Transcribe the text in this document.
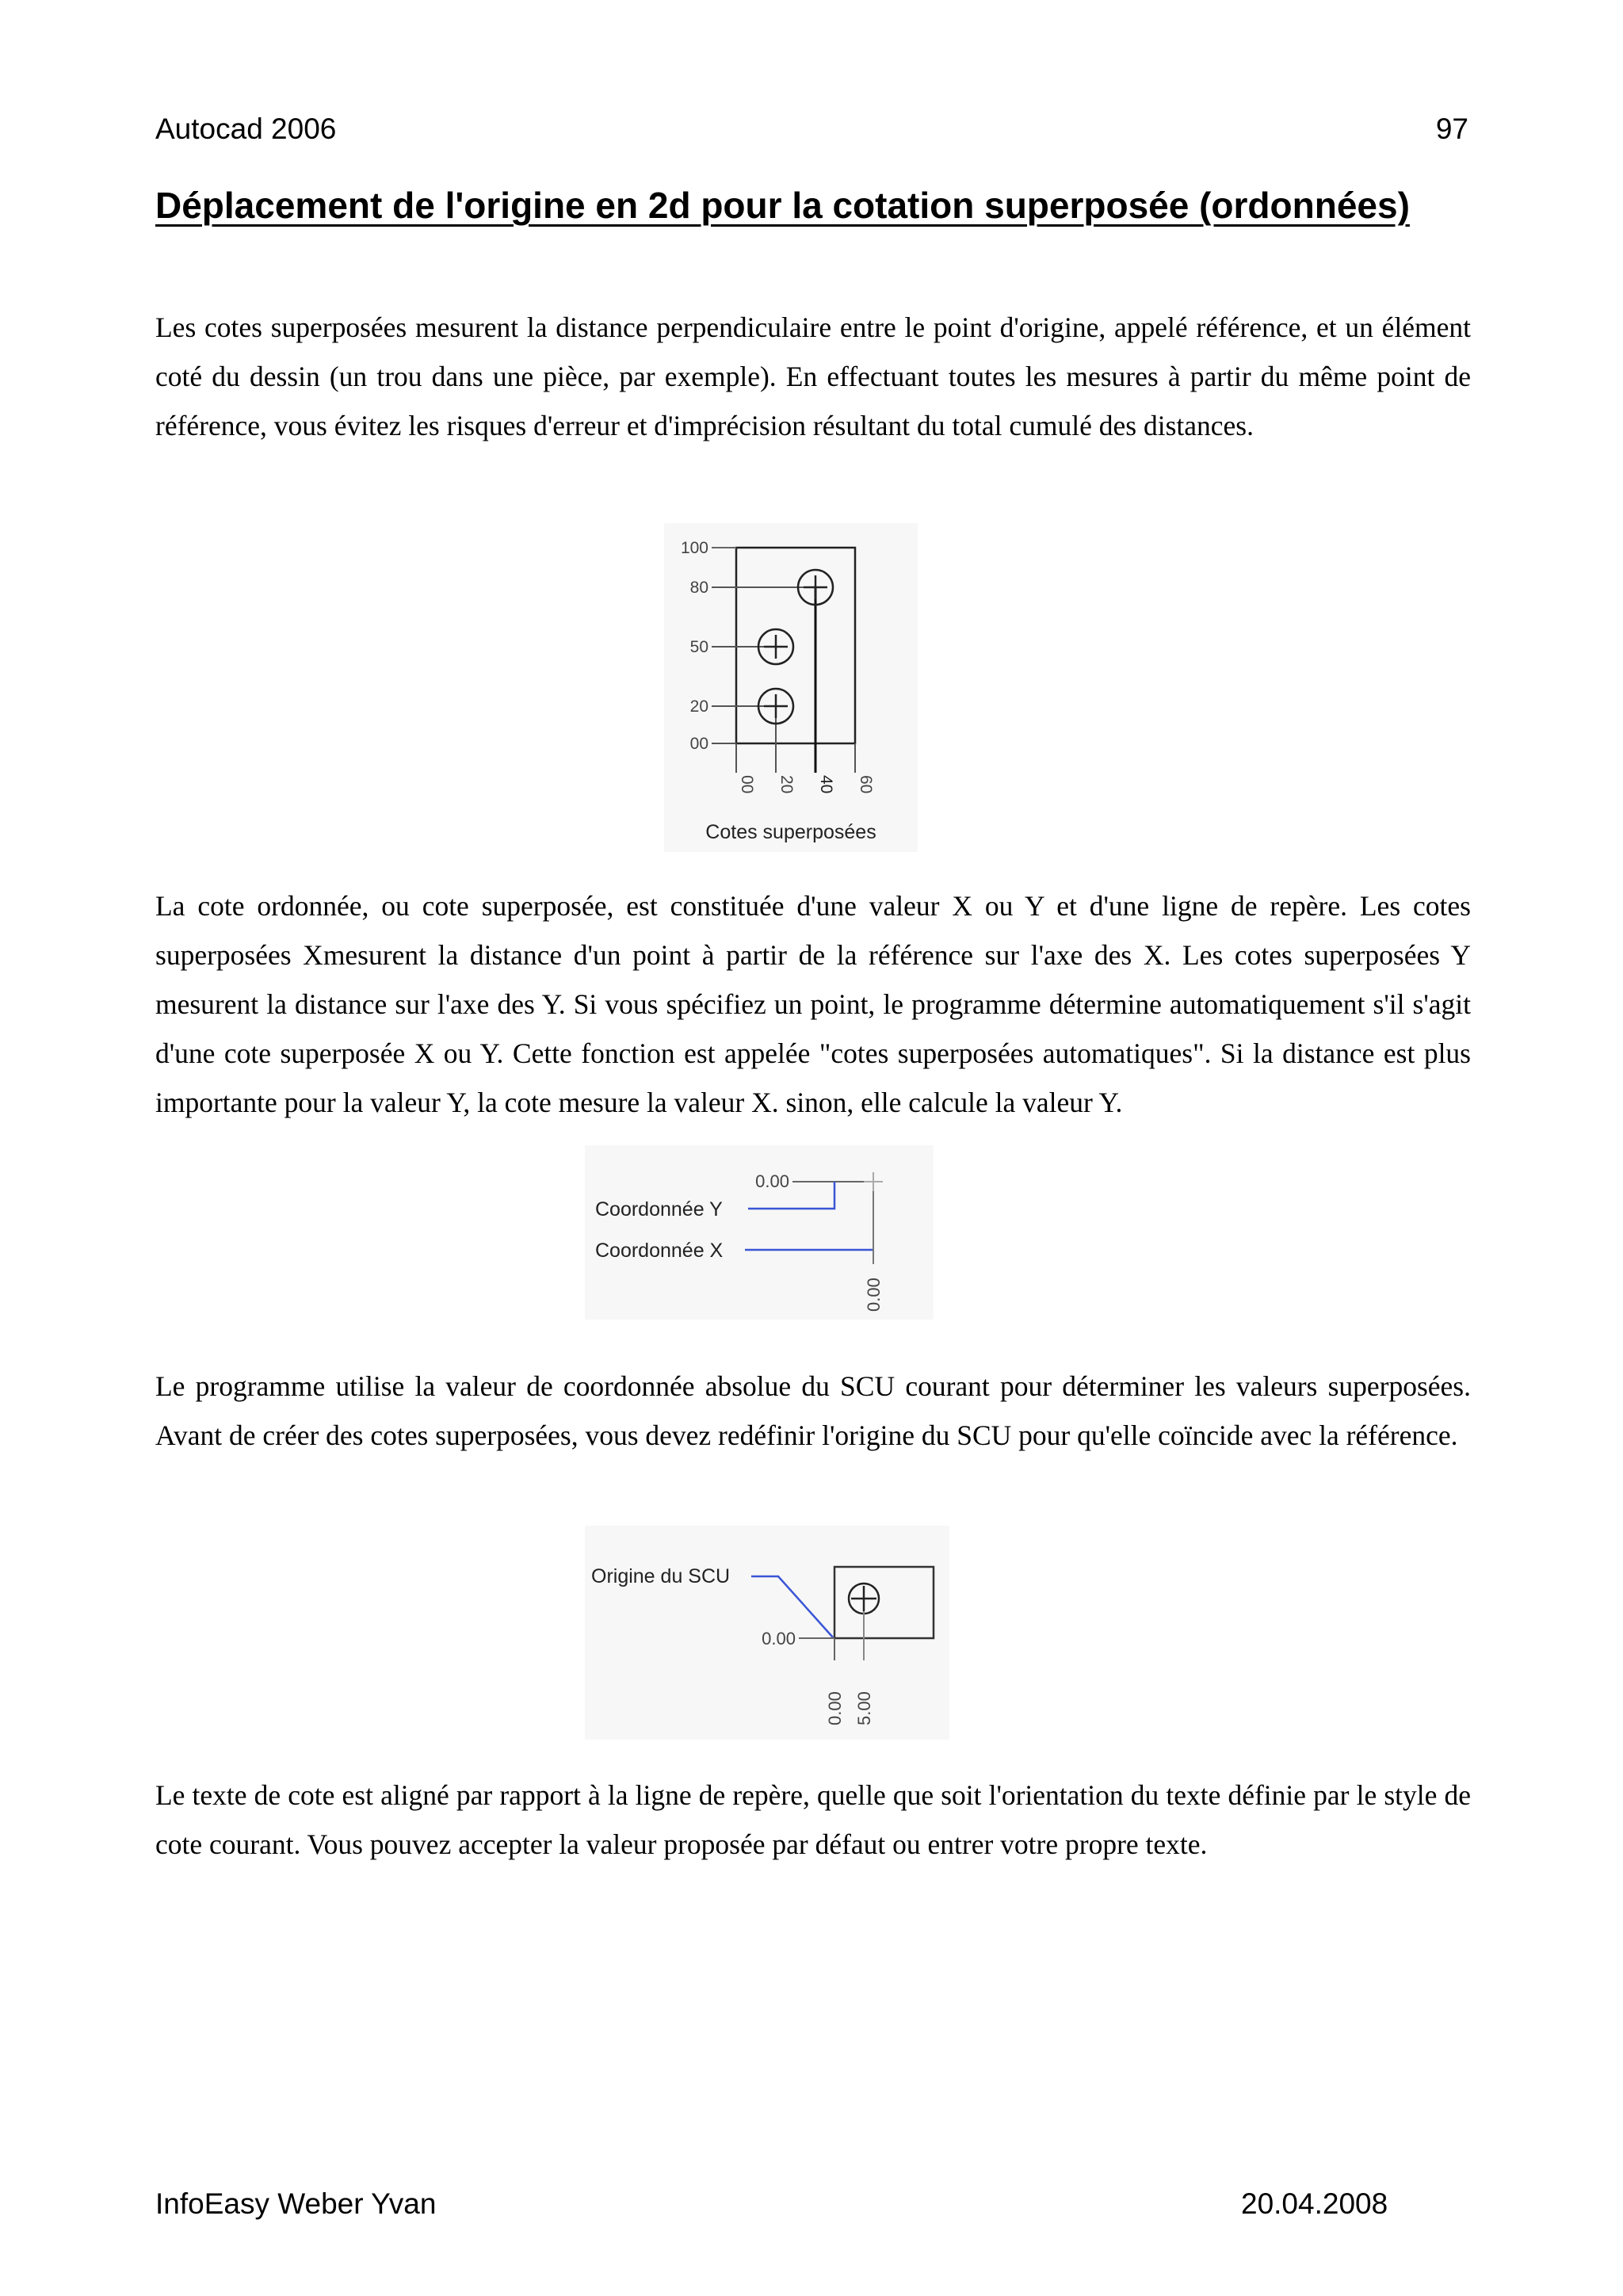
Autocad 2006	97
Déplacement de l'origine en 2d pour la cotation superposée (ordonnées)
Les cotes superposées mesurent la distance perpendiculaire entre le point d'origine, appelé référence, et un élément coté du dessin (un trou dans une pièce, par exemple). En effectuant toutes les mesures à partir du même point de référence, vous évitez les risques d'erreur et d'imprécision résultant du total cumulé des distances.
100
80
50
20
00
00 20 40 60
Cotes superposées
La cote ordonnée, ou cote superposée, est constituée d'une valeur X ou Y et d'une ligne de repère. Les cotes superposées Xmesurent la distance d'un point à partir de la référence sur l'axe des X. Les cotes superposées Y mesurent la distance sur l'axe des Y. Si vous spécifiez un point, le programme détermine automatiquement s'il s'agit d'une cote superposée X ou Y. Cette fonction est appelée "cotes superposées automatiques". Si la distance est plus importante pour la valeur Y, la cote mesure la valeur X. sinon, elle calcule la valeur Y.
0.00
Coordonnée Y
Coordonnée X
0.00
Le programme utilise la valeur de coordonnée absolue du SCU courant pour déterminer les valeurs superposées. Avant de créer des cotes superposées, vous devez redéfinir l'origine du SCU pour qu'elle coïncide avec la référence.
Origine du SCU
0.00
0.00 5.00
Le texte de cote est aligné par rapport à la ligne de repère, quelle que soit l'orientation du texte définie par le style de cote courant. Vous pouvez accepter la valeur proposée par défaut ou entrer votre propre texte.
InfoEasy Weber Yvan	20.04.2008
